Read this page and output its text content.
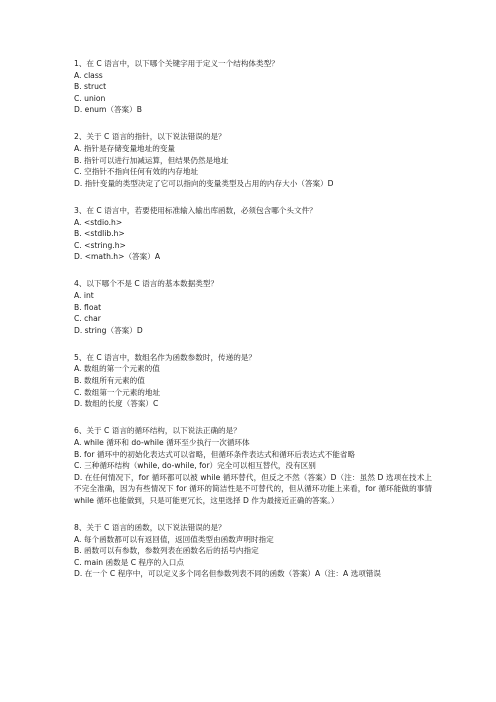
1、在 C 语言中，以下哪个关键字用于定义一个结构体类型？
A. class
B. struct
C. union
D. enum（答案）B
2、关于 C 语言的指针，以下说法错误的是？
A. 指针是存储变量地址的变量
B. 指针可以进行加减运算，但结果仍然是地址
C. 空指针不指向任何有效的内存地址
D. 指针变量的类型决定了它可以指向的变量类型及占用的内存大小（答案）D
3、在 C 语言中，若要使用标准输入输出库函数，必须包含哪个头文件？
A. <stdio.h>
B. <stdlib.h>
C. <string.h>
D. <math.h>（答案）A
4、以下哪个不是 C 语言的基本数据类型？
A. int
B. float
C. char
D. string（答案）D
5、在 C 语言中，数组名作为函数参数时，传递的是？
A. 数组的第一个元素的值
B. 数组所有元素的值
C. 数组第一个元素的地址
D. 数组的长度（答案）C
6、关于 C 语言的循环结构，以下说法正确的是？
A. while 循环和 do-while 循环至少执行一次循环体
B. for 循环中的初始化表达式可以省略，但循环条件表达式和循环后表达式不能省略
C. 三种循环结构（while, do-while, for）完全可以相互替代，没有区别
D. 在任何情况下，for 循环都可以被 while 循环替代，但反之不然（答案）D（注：虽然 D 选项在技术上不完全准确，因为有些情况下 for 循环的简洁性是不可替代的，但从循环功能上来看，for 循环能做的事情 while 循环也能做到，只是可能更冗长，这里选择 D 作为最接近正确的答案。）
8、关于 C 语言的函数，以下说法错误的是？
A. 每个函数都可以有返回值，返回值类型由函数声明时指定
B. 函数可以有参数，参数列表在函数名后的括号内指定
C. main 函数是 C 程序的入口点
D. 在一个 C 程序中，可以定义多个同名但参数列表不同的函数（答案）A（注：A 选项错误
